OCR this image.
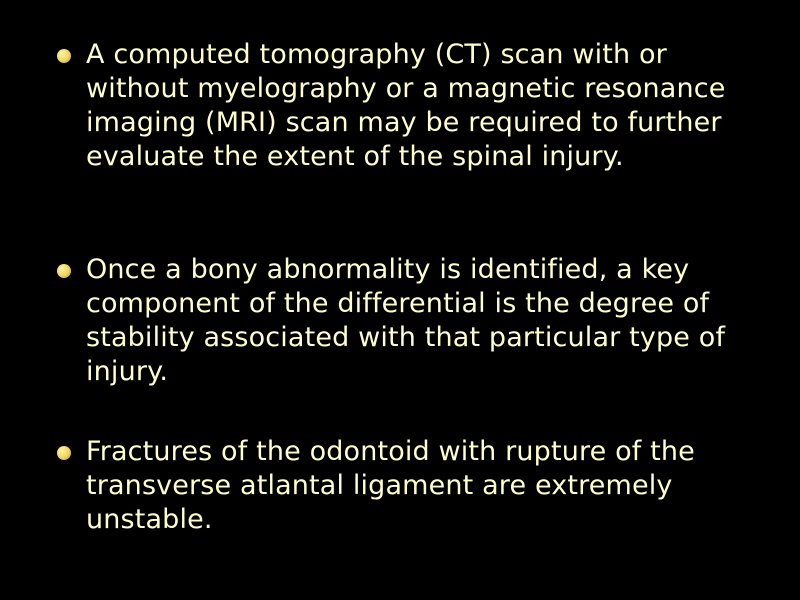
A computed tomography (CT) scan with or without myelography or a magnetic resonance imaging (MRI) scan may be required to further evaluate the extent of the spinal injury.
Once a bony abnormality is identified, a key component of the differential is the degree of stability associated with that particular type of injury.
Fractures of the odontoid with rupture of the transverse atlantal ligament are extremely unstable.
